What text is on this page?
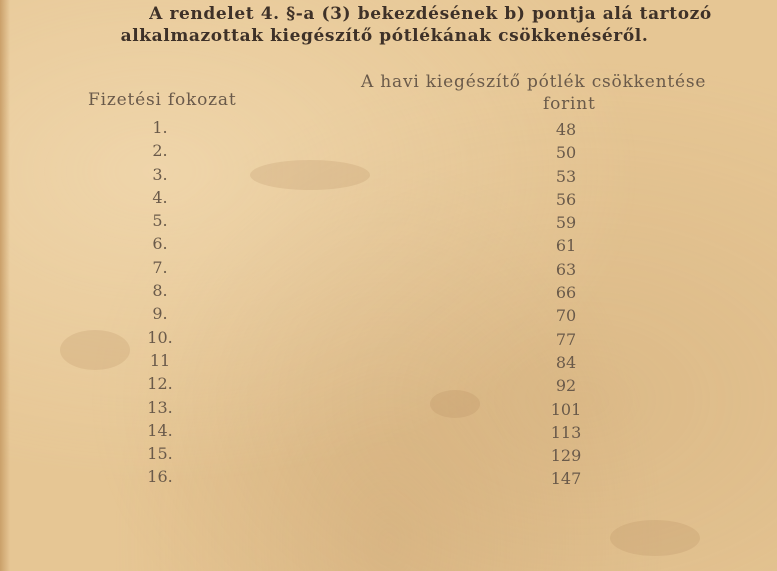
A rendelet 4. §-a (3) bekezdésének b) pontja alá tartozó
alkalmazottak kiegészítő pótlékának csökkenéséről.
Fizetési fokozat
A havi kiegészítő pótlék csökkentése
forint
1.	48
2.	50
3.	53
4.	56
5.	59
6.	61
7.	63
8.	66
9.	70
10.	77
11	84
12.	92
13.	101
14.	113
15.	129
16.	147
